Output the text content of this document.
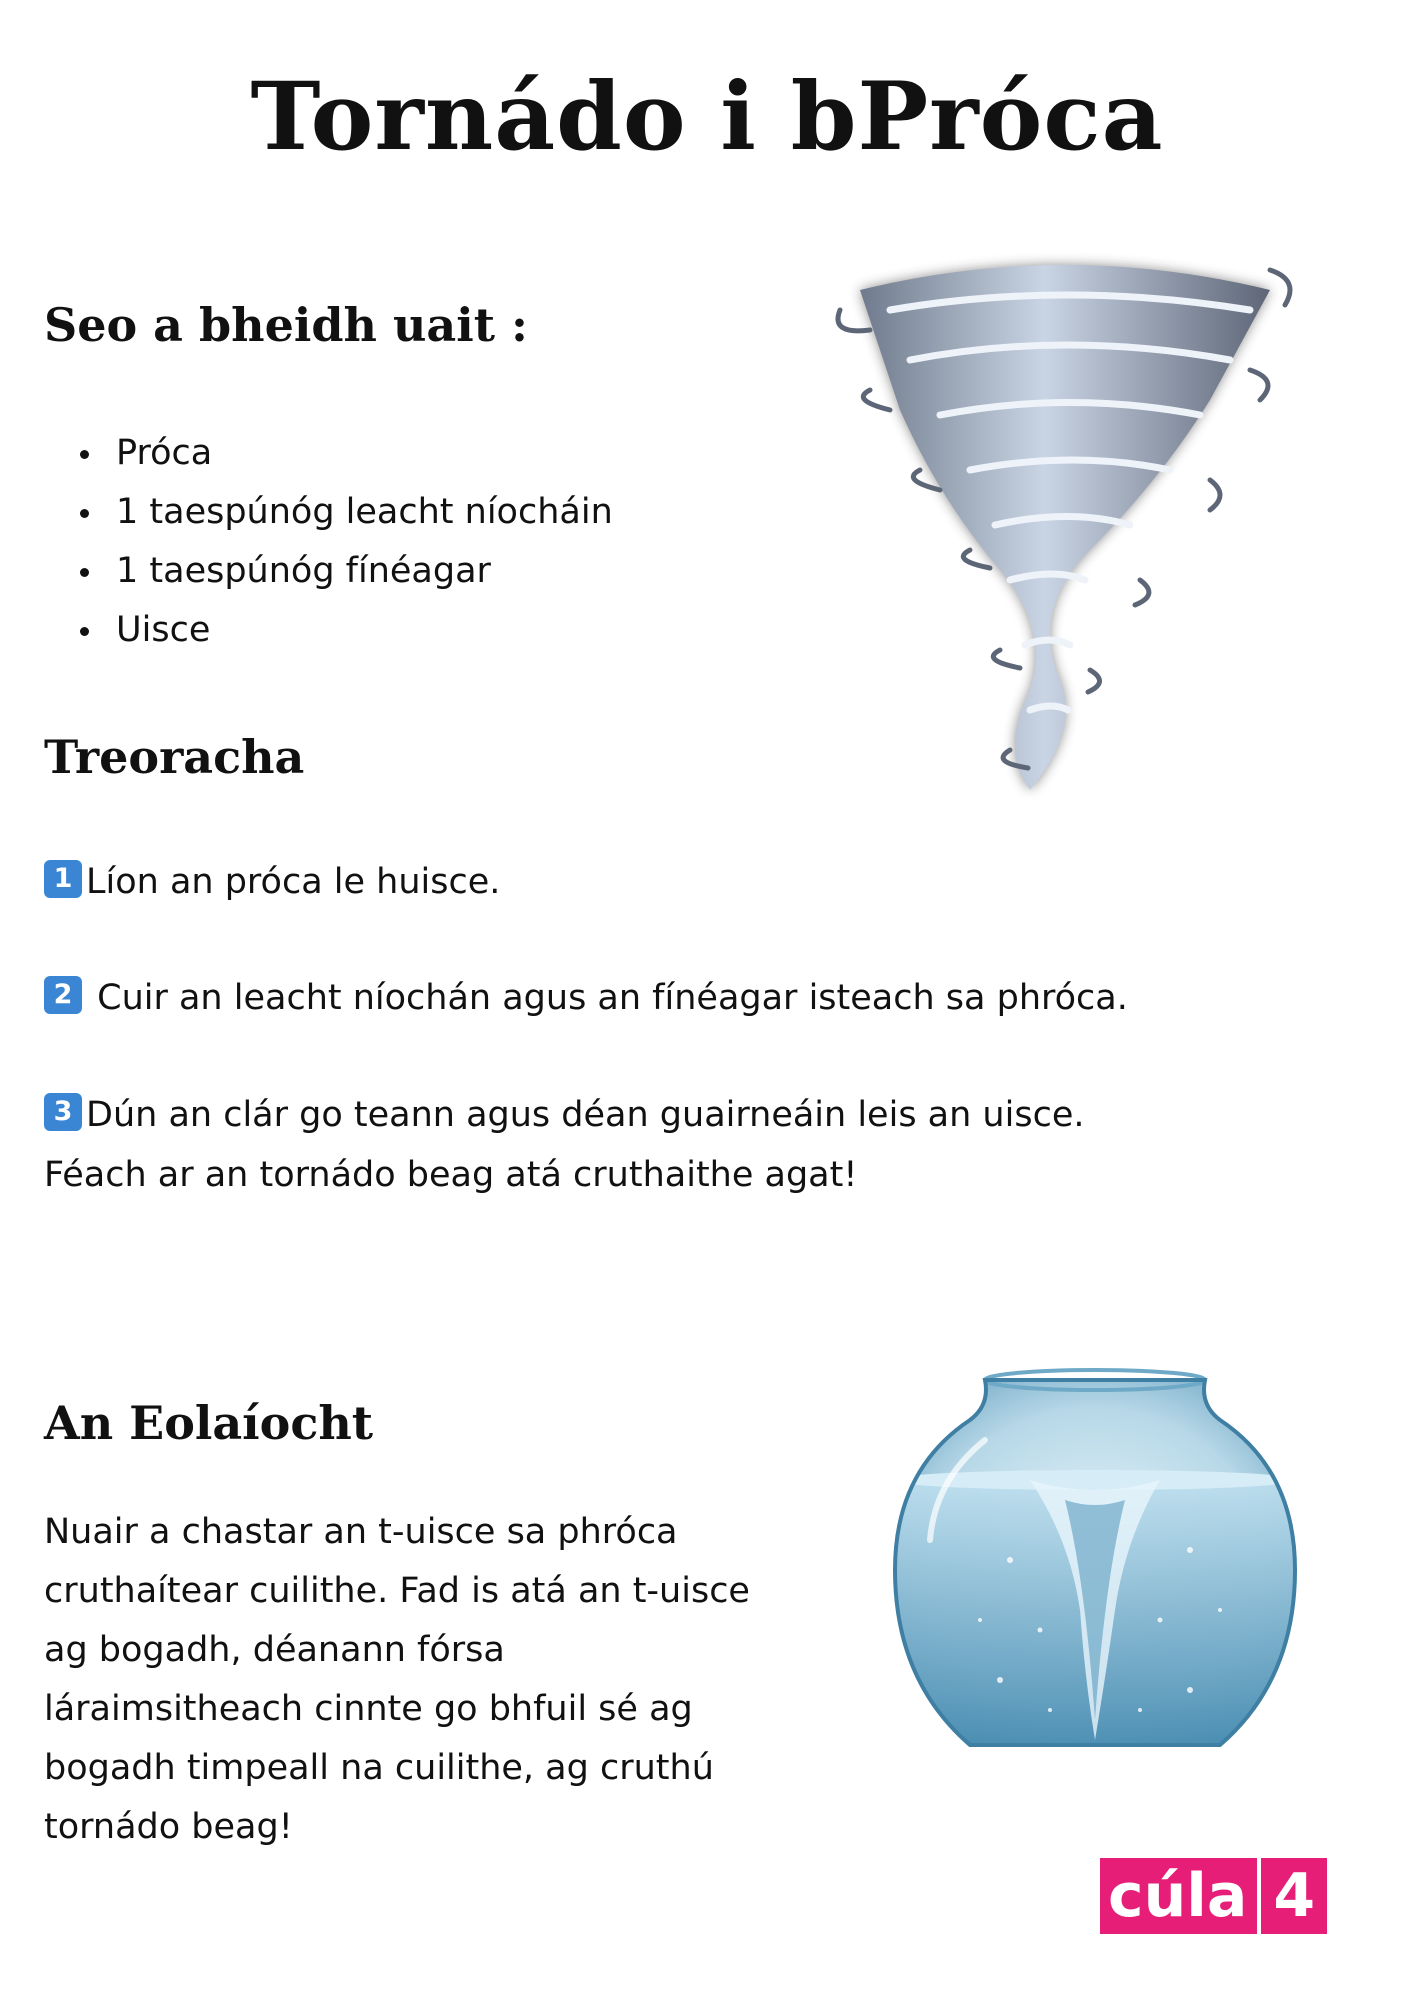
Tornádo i bPróca
Seo a bheidh uait :
Próca
1 taespúnóg leacht níocháin
1 taespúnóg fínéagar
Uisce
Treoracha
1 Líon an próca le huisce.
2 Cuir an leacht níochán agus an fínéagar isteach sa phróca.
3 Dún an clár go teann agus déan guairneáin leis an uisce.
Féach ar an tornádo beag atá cruthaithe agat!
An Eolaíocht
Nuair a chastar an t-uisce sa phróca
cruthaítear cuilithe. Fad is atá an t-uisce
ag bogadh, déanann fórsa
láraimsitheach cinnte go bhfuil sé ag
bogadh timpeall na cuilithe, ag cruthú
tornádo beag!
cúla 4
